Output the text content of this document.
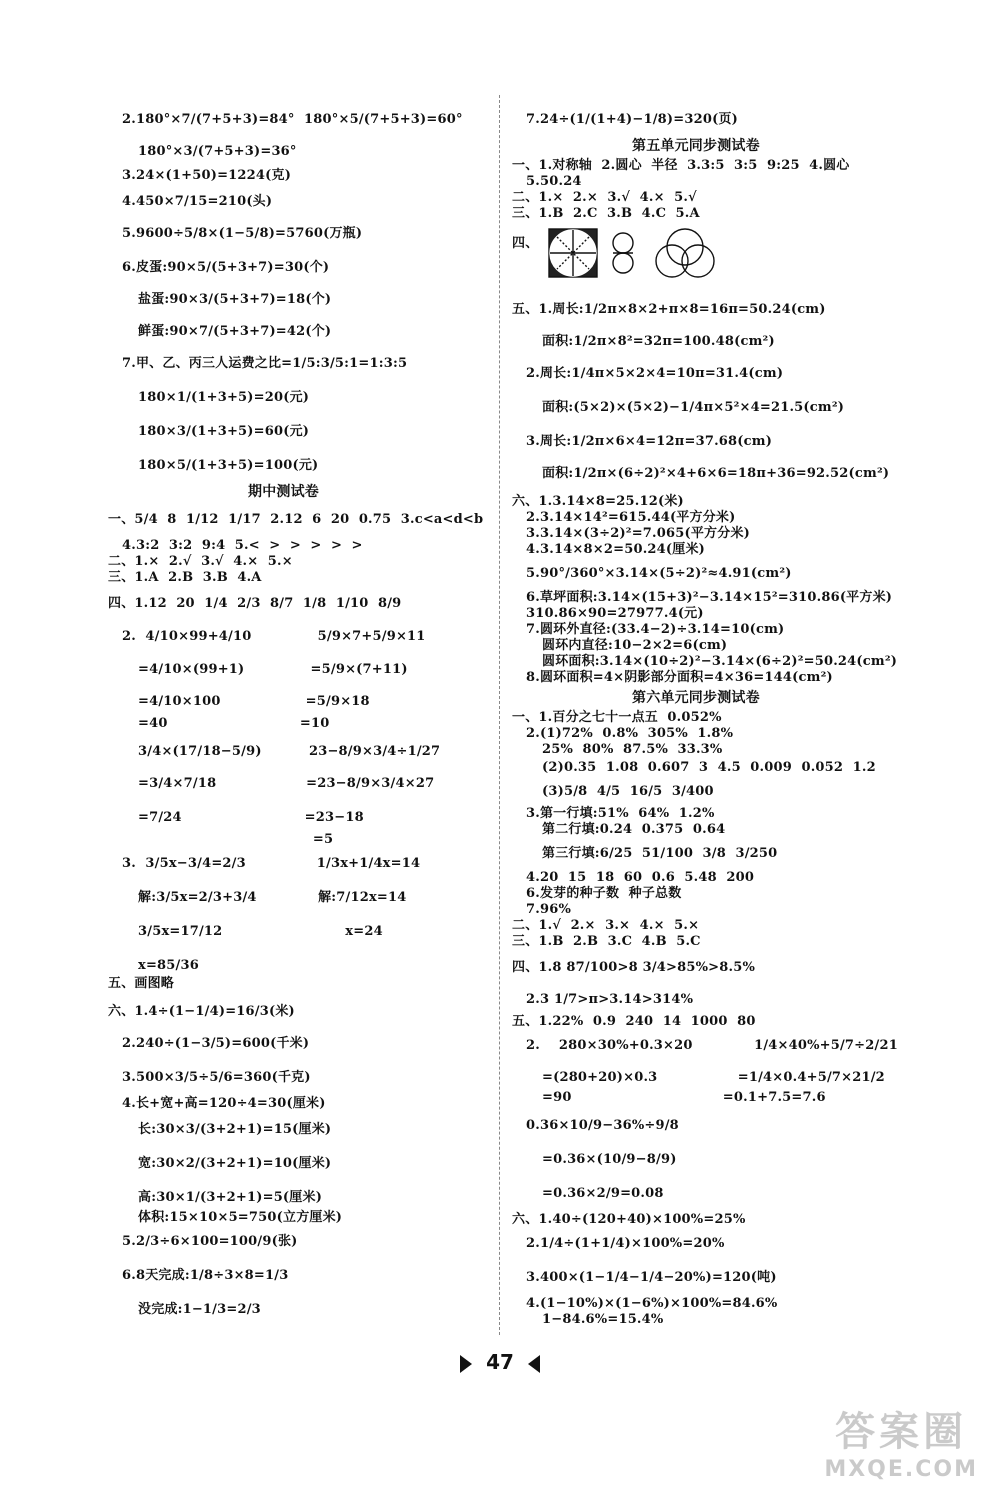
2.180°×7/(7+5+3)=84°  180°×5/(7+5+3)=60°
180°×3/(7+5+3)=36°
3.24×(1+50)=1224(克)
4.450×7/15=210(头)
5.9600÷5/8×(1−5/8)=5760(万瓶)
6.皮蛋:90×5/(5+3+7)=30(个)
盐蛋:90×3/(5+3+7)=18(个)
鲜蛋:90×7/(5+3+7)=42(个)
7.甲、乙、丙三人运费之比=1/5:3/5:1=1:3:5
180×1/(1+3+5)=20(元)
180×3/(1+3+5)=60(元)
180×5/(1+3+5)=100(元)
期中测试卷
一、5/4  8  1/12  1/17  2.12  6  20  0.75  3.c<a<d<b
4.3:2  3:2  9:4  5.<  >  >  >  >  >
二、1.×  2.√  3.√  4.×  5.×
三、1.A  2.B  3.B  4.A
四、1.12  20  1/4  2/3  8/7  1/8  1/10  8/9
2.  4/10×99+4/10              5/9×7+5/9×11
=4/10×(99+1)              =5/9×(7+11)
=4/10×100                  =5/9×18
=40                            =10
3/4×(17/18−5/9)          23−8/9×3/4÷1/27
=3/4×7/18                   =23−8/9×3/4×27
=7/24                          =23−18
=5
3.  3/5x−3/4=2/3               1/3x+1/4x=14
解:3/5x=2/3+3/4             解:7/12x=14
3/5x=17/12                          x=24
x=85/36
五、画图略
六、1.4÷(1−1/4)=16/3(米)
2.240÷(1−3/5)=600(千米)
3.500×3/5÷5/6=360(千克)
4.长+宽+高=120÷4=30(厘米)
长:30×3/(3+2+1)=15(厘米)
宽:30×2/(3+2+1)=10(厘米)
高:30×1/(3+2+1)=5(厘米)
体积:15×10×5=750(立方厘米)
5.2/3÷6×100=100/9(张)
6.8天完成:1/8÷3×8=1/3
没完成:1−1/3=2/3
7.24÷(1/(1+4)−1/8)=320(页)
第五单元同步测试卷
一、1.对称轴  2.圆心  半径  3.3:5  3:5  9:25  4.圆心
5.50.24
二、1.×  2.×  3.√  4.×  5.√
三、1.B  2.C  3.B  4.C  5.A
四、
五、1.周长:1/2π×8×2+π×8=16π=50.24(cm)
面积:1/2π×8²=32π=100.48(cm²)
2.周长:1/4π×5×2×4=10π=31.4(cm)
面积:(5×2)×(5×2)−1/4π×5²×4=21.5(cm²)
3.周长:1/2π×6×4=12π=37.68(cm)
面积:1/2π×(6÷2)²×4+6×6=18π+36=92.52(cm²)
六、1.3.14×8=25.12(米)
2.3.14×14²=615.44(平方分米)
3.3.14×(3÷2)²=7.065(平方分米)
4.3.14×8×2=50.24(厘米)
5.90°/360°×3.14×(5÷2)²≈4.91(cm²)
6.草坪面积:3.14×(15+3)²−3.14×15²=310.86(平方米)
310.86×90=27977.4(元)
7.圆环外直径:(33.4−2)÷3.14=10(cm)
圆环内直径:10−2×2=6(cm)
圆环面积:3.14×(10÷2)²−3.14×(6÷2)²=50.24(cm²)
8.圆环面积=4×阴影部分面积=4×36=144(cm²)
第六单元同步测试卷
一、1.百分之七十一点五  0.052%
2.(1)72%  0.8%  305%  1.8%
25%  80%  87.5%  33.3%
(2)0.35  1.08  0.607  3  4.5  0.009  0.052  1.2
(3)5/8  4/5  16/5  3/400
3.第一行填:51%  64%  1.2%
第二行填:0.24  0.375  0.64
第三行填:6/25  51/100  3/8  3/250
4.20  15  18  60  0.6  5.48  200
6.发芽的种子数  种子总数
7.96%
二、1.√  2.×  3.×  4.×  5.×
三、1.B  2.B  3.C  4.B  5.C
四、1.8 87/100>8 3/4>85%>8.5%
2.3 1/7>π>3.14>314%
五、1.22%  0.9  240  14  1000  80
2.    280×30%+0.3×20             1/4×40%+5/7÷2/21
=(280+20)×0.3                 =1/4×0.4+5/7×21/2
=90                                =0.1+7.5=7.6
0.36×10/9−36%÷9/8
=0.36×(10/9−8/9)
=0.36×2/9=0.08
六、1.40÷(120+40)×100%=25%
2.1/4÷(1+1/4)×100%=20%
3.400×(1−1/4−1/4−20%)=120(吨)
4.(1−10%)×(1−6%)×100%=84.6%
1−84.6%=15.4%
47
答案圈
MXQE.COM
